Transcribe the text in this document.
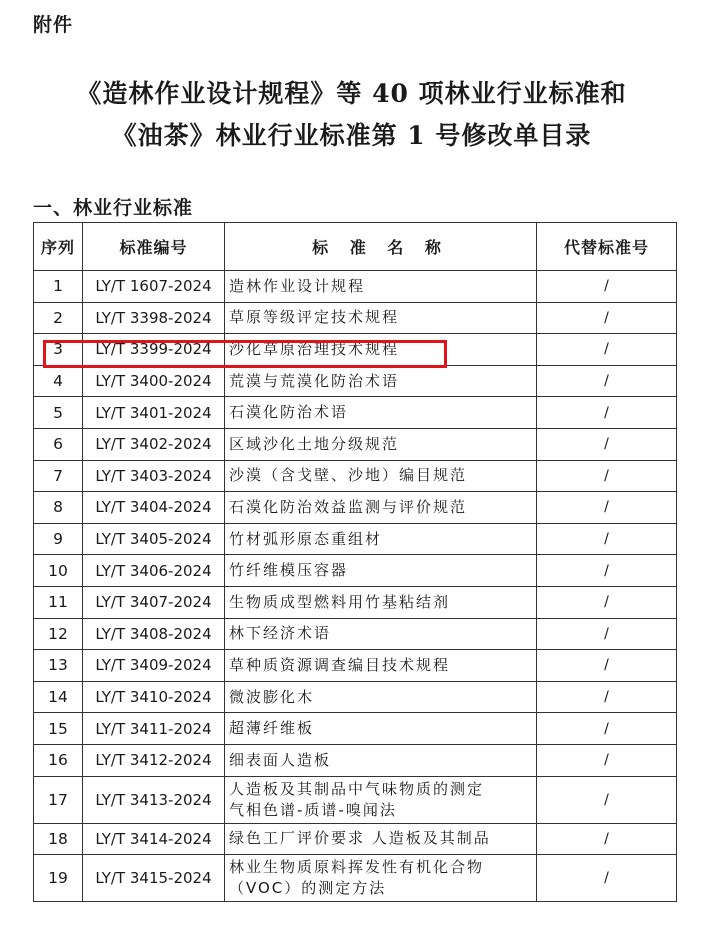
附件
《造林作业设计规程》等 40 项林业行业标准和
《油茶》林业行业标准第 1 号修改单目录
一、林业行业标准
序列	标准编号	标 准 名 称	代替标准号
1	LY/T 1607-2024	造林作业设计规程	/
2	LY/T 3398-2024	草原等级评定技术规程	/
3	LY/T 3399-2024	沙化草原治理技术规程	/
4	LY/T 3400-2024	荒漠与荒漠化防治术语	/
5	LY/T 3401-2024	石漠化防治术语	/
6	LY/T 3402-2024	区域沙化土地分级规范	/
7	LY/T 3403-2024	沙漠（含戈壁、沙地）编目规范	/
8	LY/T 3404-2024	石漠化防治效益监测与评价规范	/
9	LY/T 3405-2024	竹材弧形原态重组材	/
10	LY/T 3406-2024	竹纤维模压容器	/
11	LY/T 3407-2024	生物质成型燃料用竹基粘结剂	/
12	LY/T 3408-2024	林下经济术语	/
13	LY/T 3409-2024	草种质资源调查编目技术规程	/
14	LY/T 3410-2024	微波膨化木	/
15	LY/T 3411-2024	超薄纤维板	/
16	LY/T 3412-2024	细表面人造板	/
17	LY/T 3413-2024	人造板及其制品中气味物质的测定
气相色谱-质谱-嗅闻法	/
18	LY/T 3414-2024	绿色工厂评价要求 人造板及其制品	/
19	LY/T 3415-2024	林业生物质原料挥发性有机化合物
（VOC）的测定方法	/
